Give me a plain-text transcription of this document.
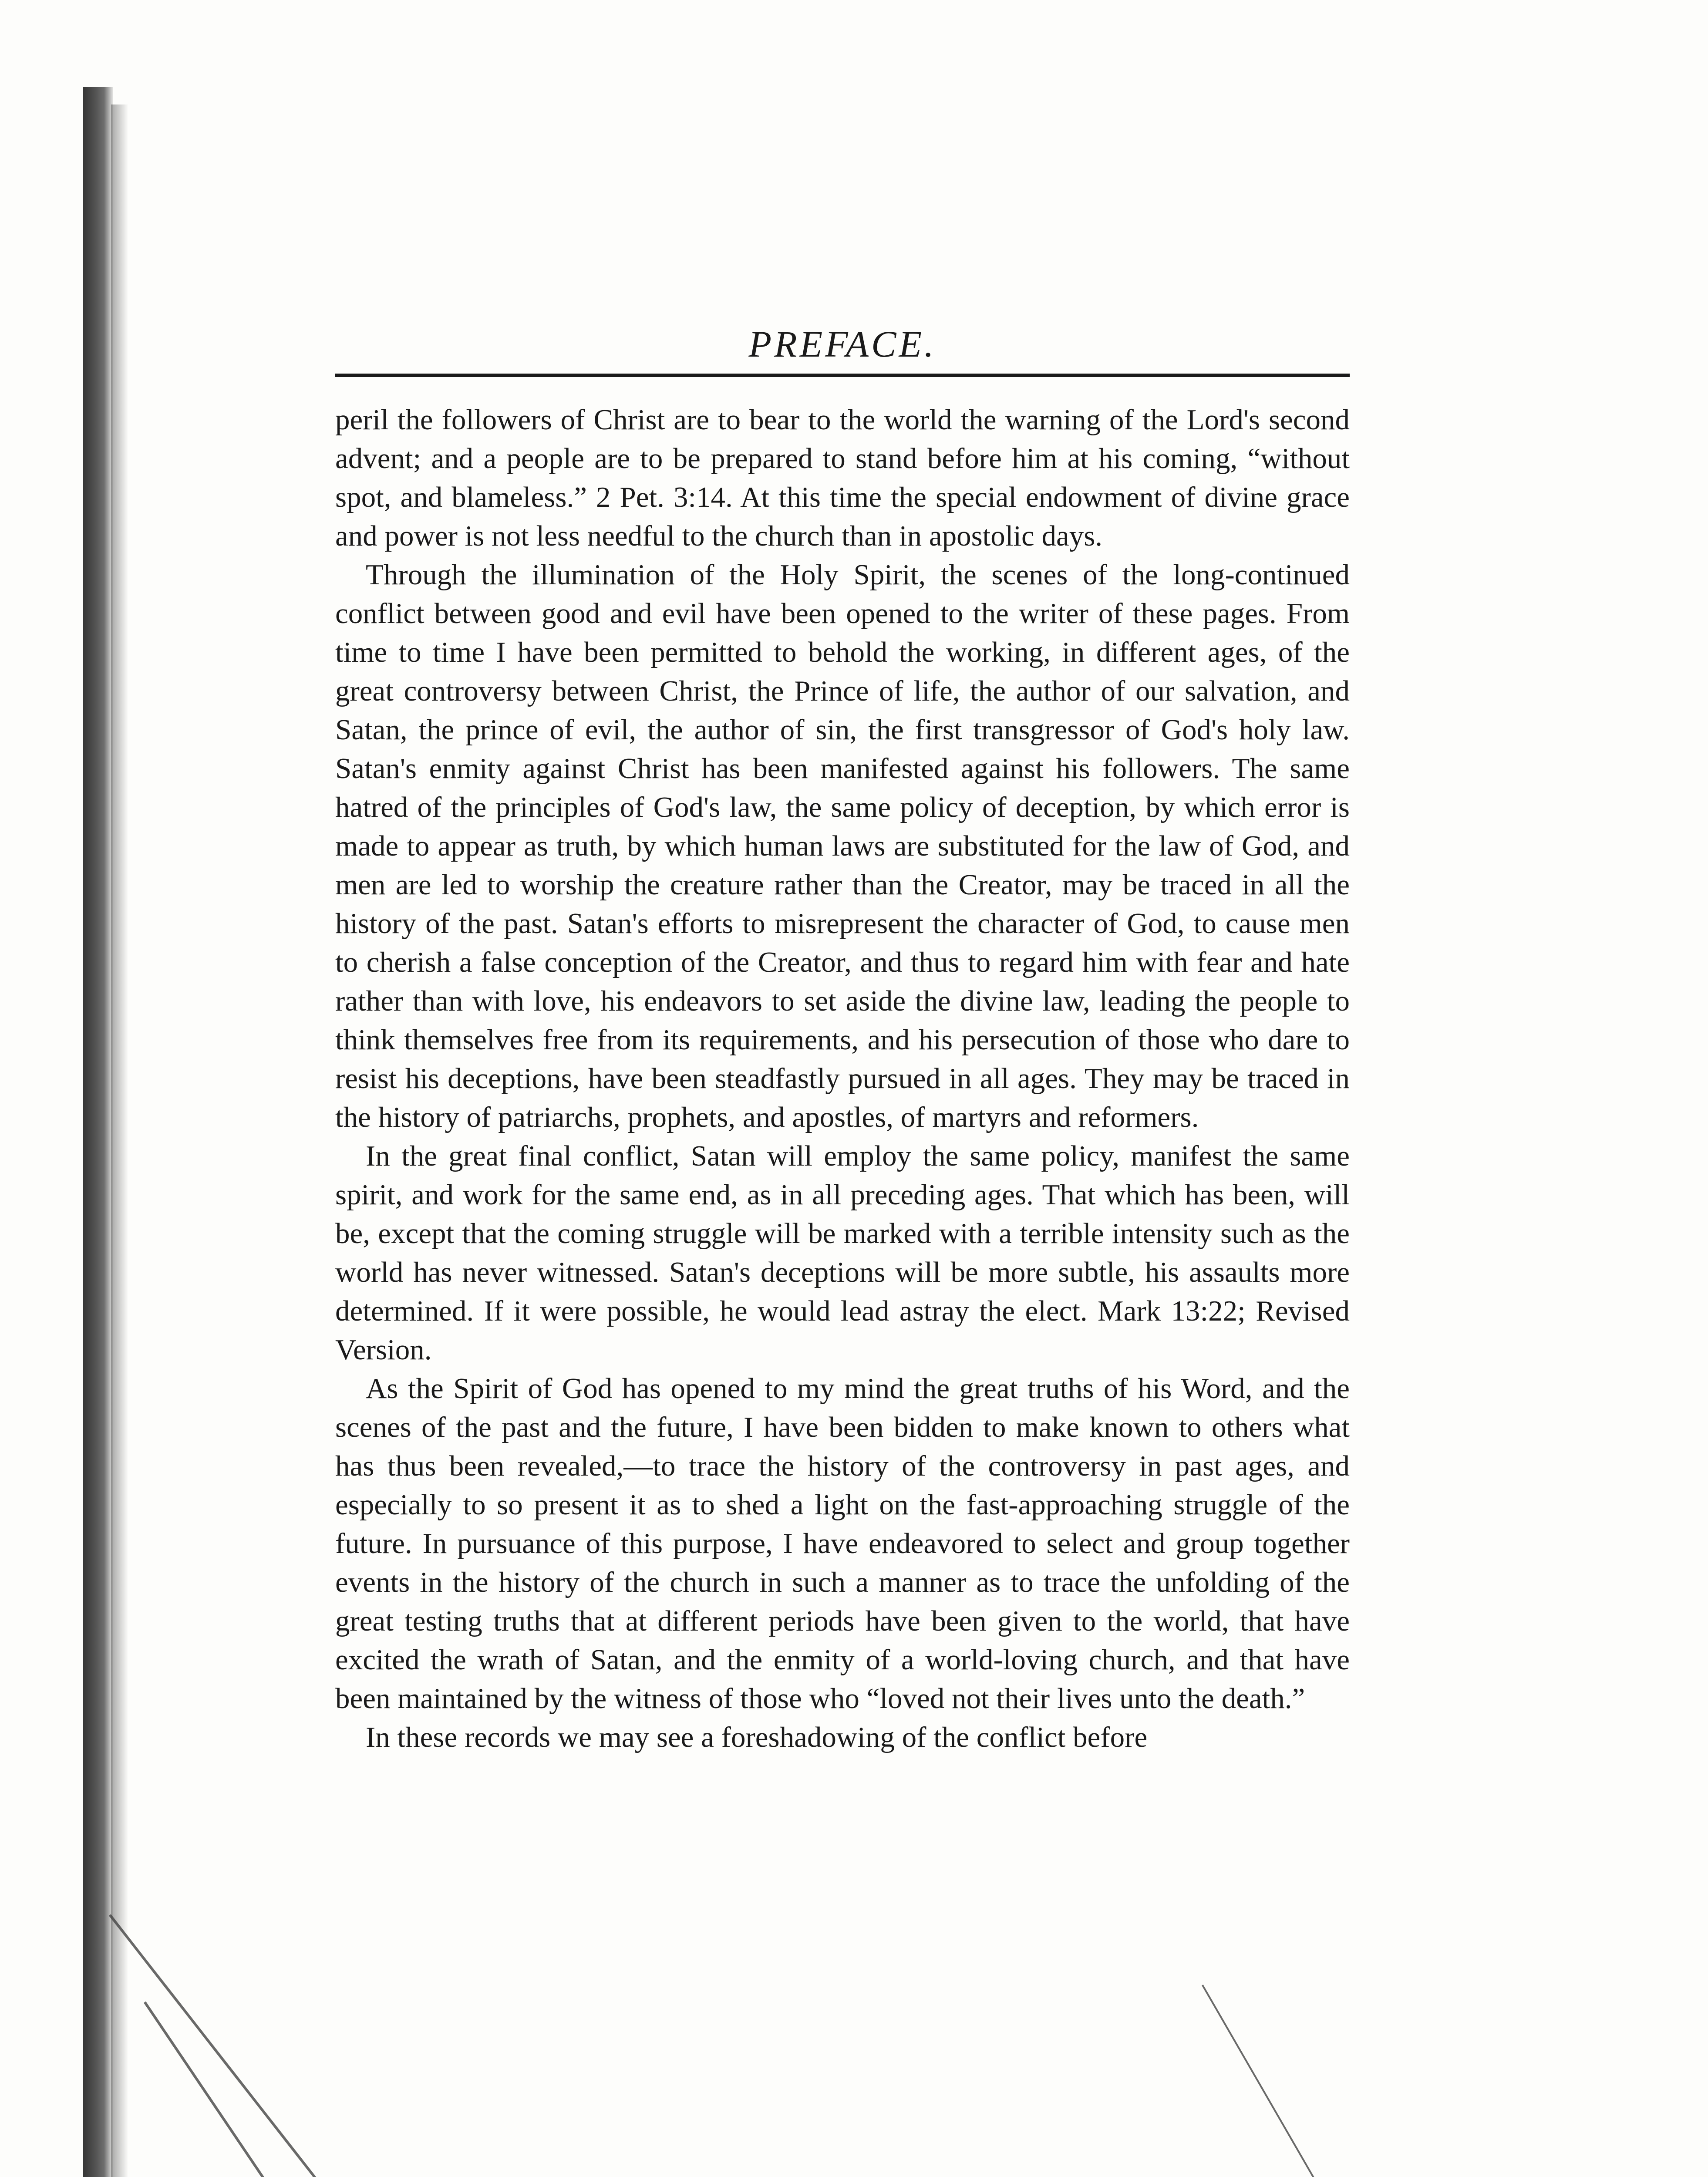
PREFACE.

peril the followers of Christ are to bear to the world the warning of the Lord's second advent; and a people are to be prepared to stand before him at his coming, “without spot, and blameless.” 2 Pet. 3:14. At this time the special endowment of divine grace and power is not less needful to the church than in apostolic days.

Through the illumination of the Holy Spirit, the scenes of the long-continued conflict between good and evil have been opened to the writer of these pages. From time to time I have been permitted to behold the working, in different ages, of the great controversy between Christ, the Prince of life, the author of our salvation, and Satan, the prince of evil, the author of sin, the first transgressor of God's holy law. Satan's enmity against Christ has been manifested against his followers. The same hatred of the principles of God's law, the same policy of deception, by which error is made to appear as truth, by which human laws are substituted for the law of God, and men are led to worship the creature rather than the Creator, may be traced in all the history of the past. Satan's efforts to misrepresent the character of God, to cause men to cherish a false conception of the Creator, and thus to regard him with fear and hate rather than with love, his endeavors to set aside the divine law, leading the people to think themselves free from its requirements, and his persecution of those who dare to resist his deceptions, have been steadfastly pursued in all ages. They may be traced in the history of patriarchs, prophets, and apostles, of martyrs and reformers.

In the great final conflict, Satan will employ the same policy, manifest the same spirit, and work for the same end, as in all preceding ages. That which has been, will be, except that the coming struggle will be marked with a terrible intensity such as the world has never witnessed. Satan's deceptions will be more subtle, his assaults more determined. If it were possible, he would lead astray the elect. Mark 13:22; Revised Version.

As the Spirit of God has opened to my mind the great truths of his Word, and the scenes of the past and the future, I have been bidden to make known to others what has thus been revealed,—to trace the history of the controversy in past ages, and especially to so present it as to shed a light on the fast-approaching struggle of the future. In pursuance of this purpose, I have endeavored to select and group together events in the history of the church in such a manner as to trace the unfolding of the great testing truths that at different periods have been given to the world, that have excited the wrath of Satan, and the enmity of a world-loving church, and that have been maintained by the witness of those who “loved not their lives unto the death.”

In these records we may see a foreshadowing of the conflict before
